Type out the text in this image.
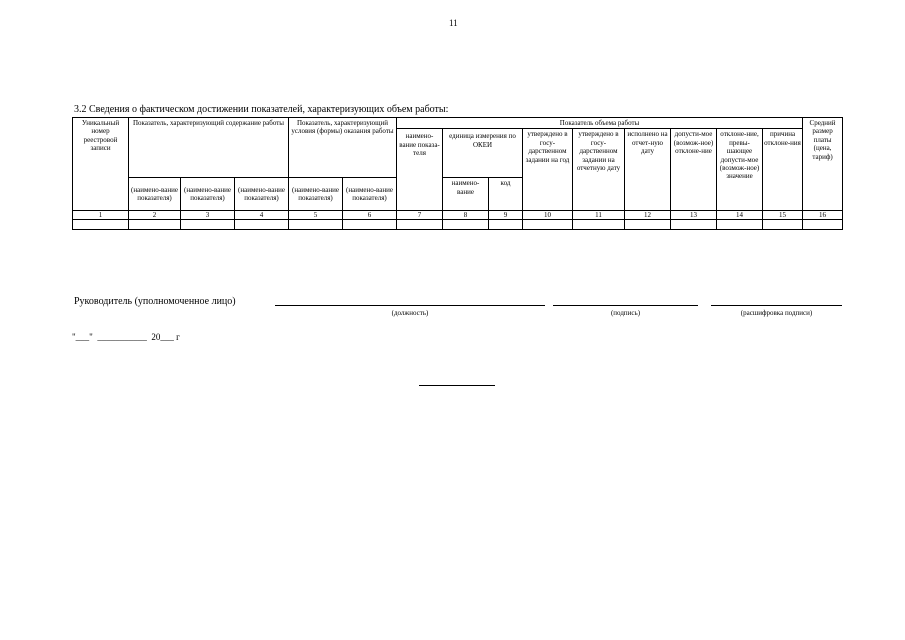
11
3.2 Сведения о фактическом достижении показателей, характеризующих объем работы:
Уникальный номер реестровой записи	Показатель, характеризующий содержание работы			Показатель, характеризующий условия (формы) оказания работы		Показатель объема работы									Средний размер платы (цена, тариф)
						наимено-вание показа-теля	единица измерения по ОКЕИ		утверждено в госу-дарственном задании на год	утверждено в госу-дарственном задании на отчетную дату	исполнено на отчет-ную дату	допусти-мое (возмож-ное) отклоне-ние	отклоне-ние, превы-шающее допусти-мое (возмож-ное) значение	причина отклоне-ния	
							наимено-вание	код							
	(наимено-вание показателя)	(наимено-вание показателя)	(наимено-вание показателя)	(наимено-вание показателя)	(наимено-вание показателя)										
1	2	3	4	5	6	7	8	9	10	11	12	13	14	15	16

Руководитель (уполномоченное лицо)
(должность)	(подпись)	(расшифровка подписи)
"___"  ___________  20___ г
